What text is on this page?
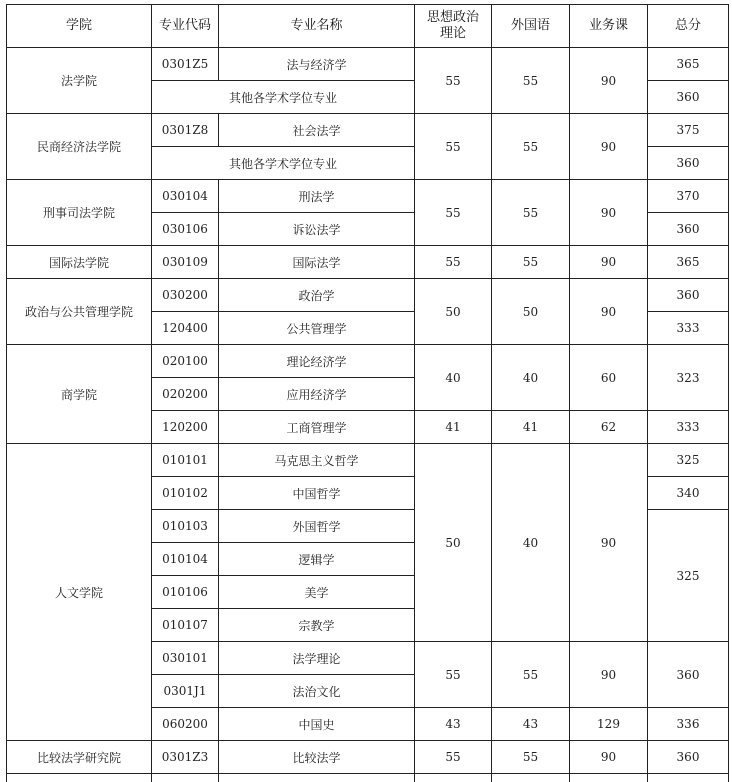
学院	专业代码	专业名称	思想政治理论	外国语	业务课	总分
法学院	0301Z5	法与经济学	55	55	90	365
	其他各学术学位专业					360
民商经济法学院	0301Z8	社会法学	55	55	90	375
	其他各学术学位专业					360
刑事司法学院	030104	刑法学	55	55	90	370
	030106	诉讼法学				360
国际法学院	030109	国际法学	55	55	90	365
政治与公共管理学院	030200	政治学	50	50	90	360
	120400	公共管理学				333
商学院	020100	理论经济学	40	40	60	323
	020200	应用经济学				
	120200	工商管理学	41	41	62	333
人文学院	010101	马克思主义哲学	50	40	90	325
	010102	中国哲学				340
	010103	外国哲学				325
	010104	逻辑学				
	010106	美学				
	010107	宗教学				
	030101	法学理论	55	55	90	360
	0301J1	法治文化				
	060200	中国史	43	43	129	336
比较法学研究院	0301Z3	比较法学	55	55	90	360
